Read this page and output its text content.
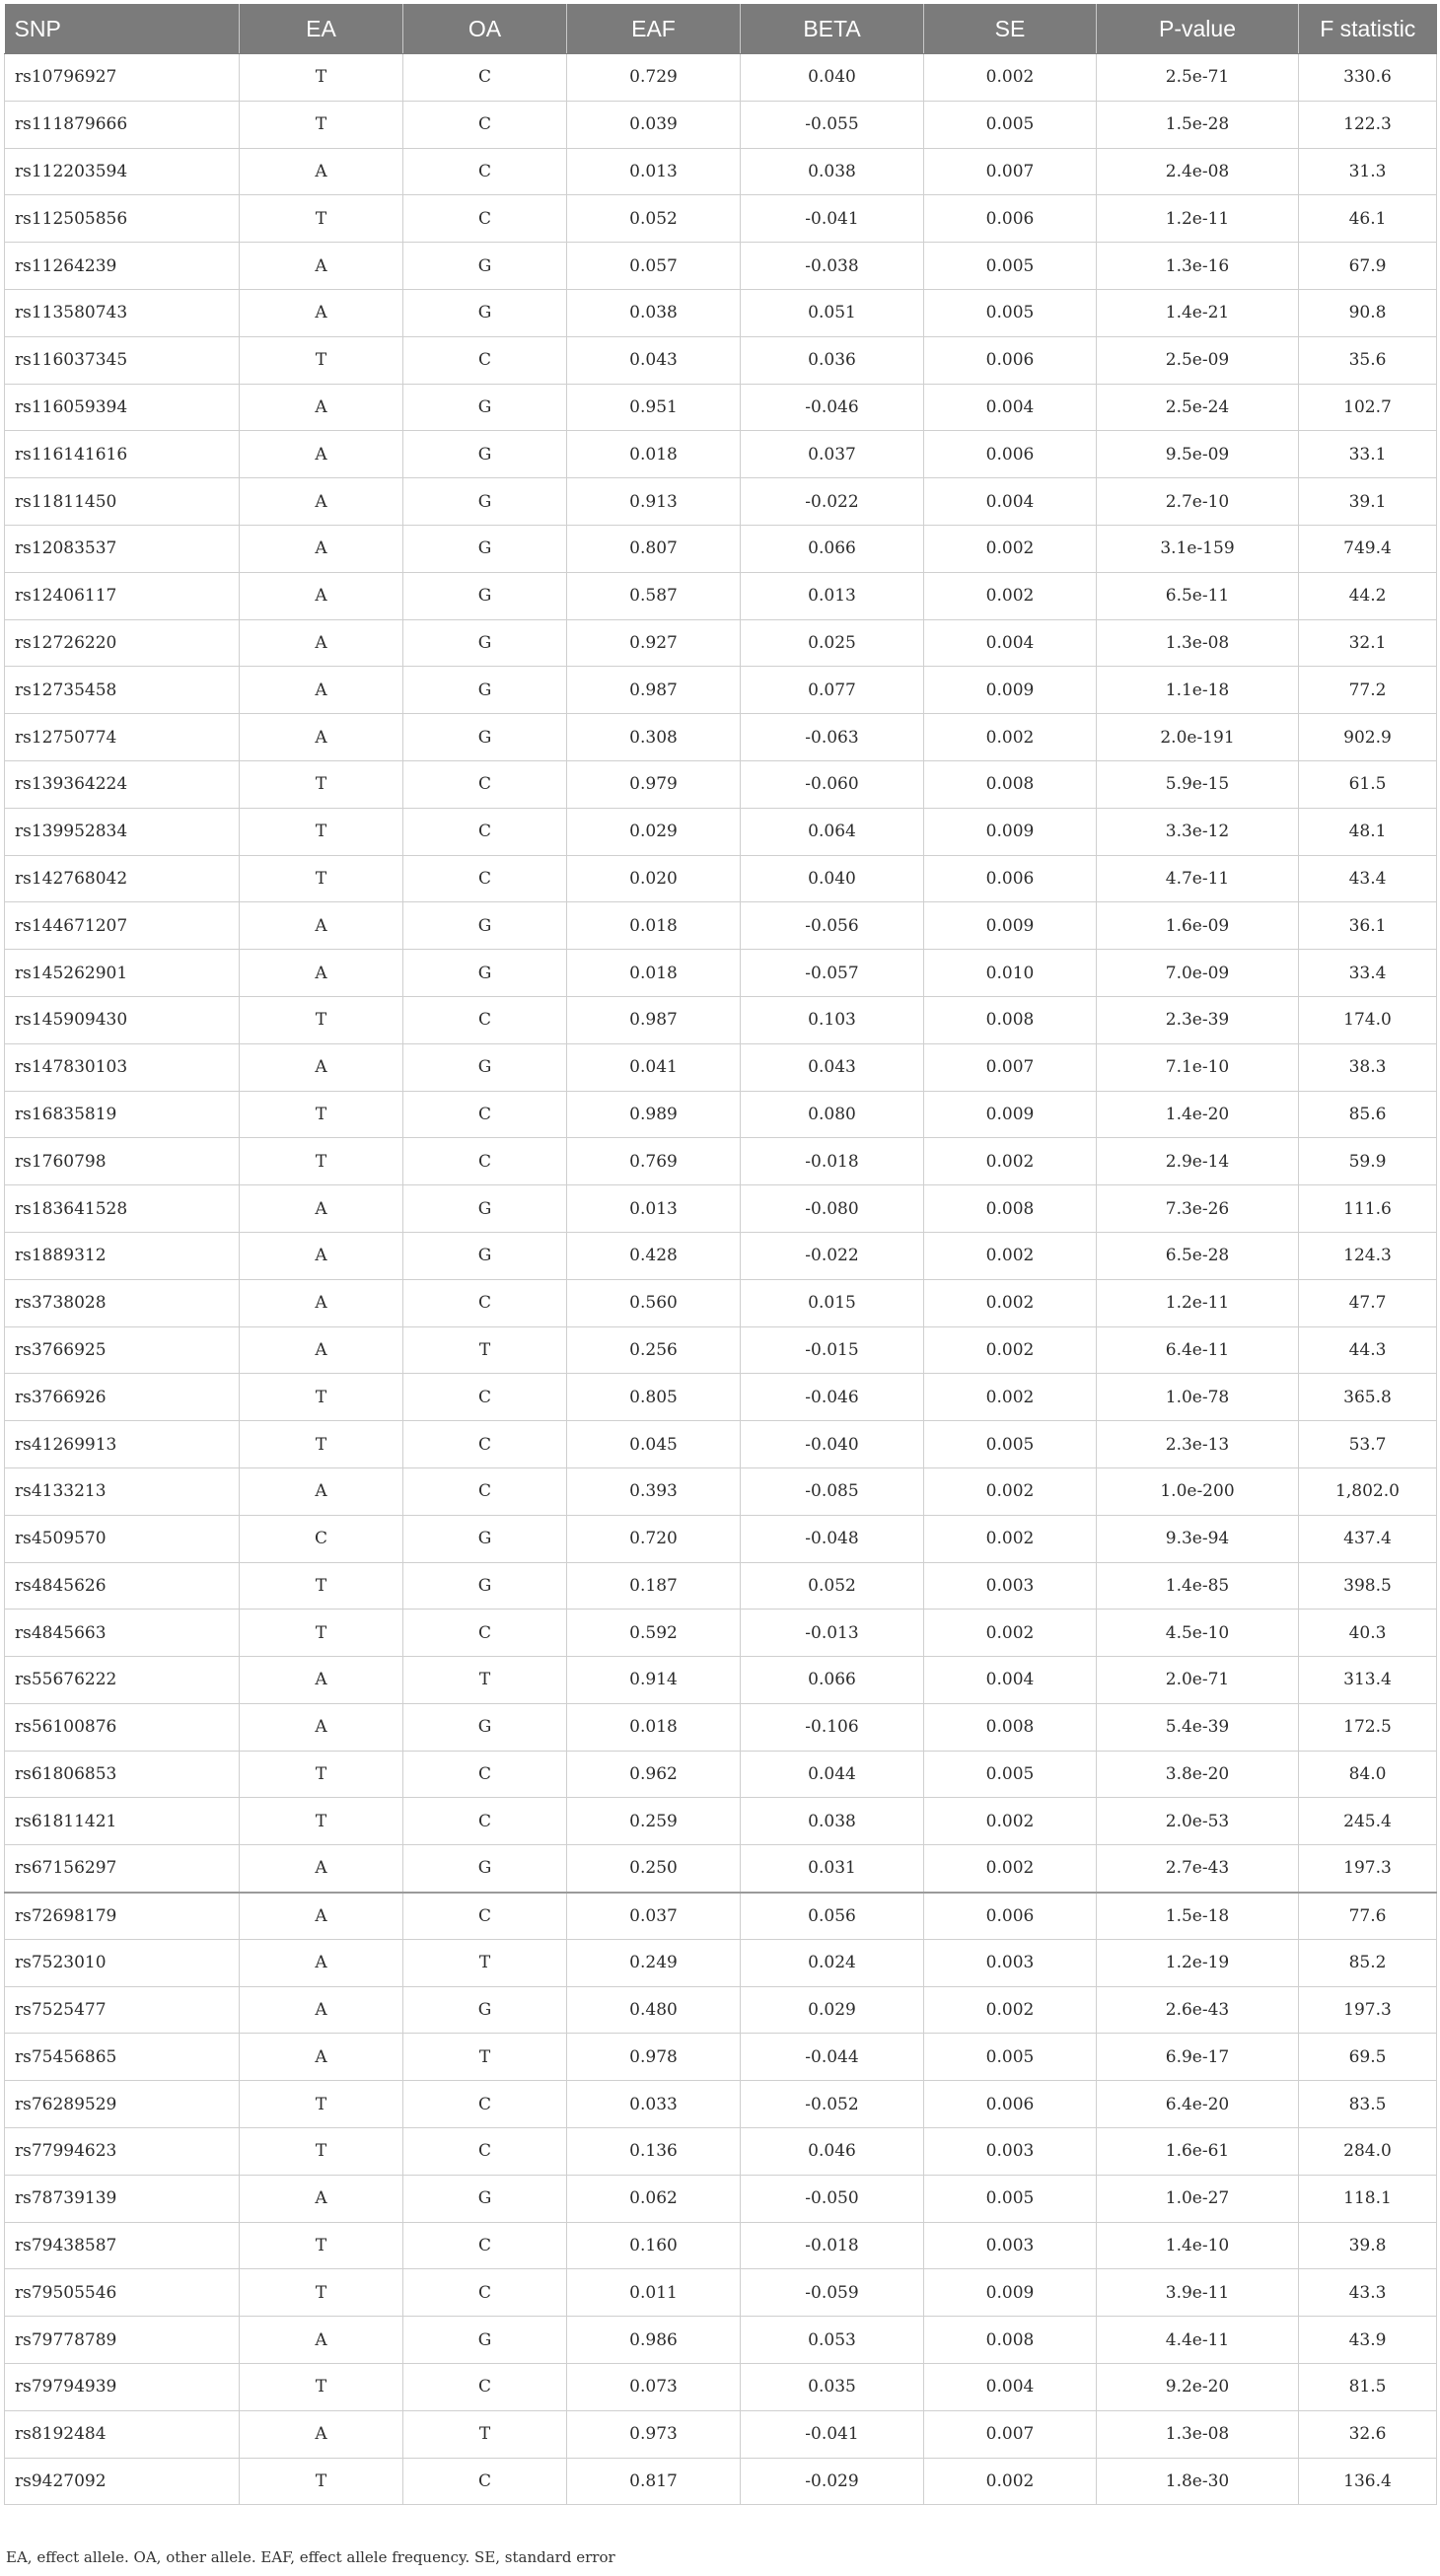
SNP	EA	OA	EAF	BETA	SE	P-value	F statistic
rs10796927	T	C	0.729	0.040	0.002	2.5e-71	330.6
rs111879666	T	C	0.039	-0.055	0.005	1.5e-28	122.3
rs112203594	A	C	0.013	0.038	0.007	2.4e-08	31.3
rs112505856	T	C	0.052	-0.041	0.006	1.2e-11	46.1
rs11264239	A	G	0.057	-0.038	0.005	1.3e-16	67.9
rs113580743	A	G	0.038	0.051	0.005	1.4e-21	90.8
rs116037345	T	C	0.043	0.036	0.006	2.5e-09	35.6
rs116059394	A	G	0.951	-0.046	0.004	2.5e-24	102.7
rs116141616	A	G	0.018	0.037	0.006	9.5e-09	33.1
rs11811450	A	G	0.913	-0.022	0.004	2.7e-10	39.1
rs12083537	A	G	0.807	0.066	0.002	3.1e-159	749.4
rs12406117	A	G	0.587	0.013	0.002	6.5e-11	44.2
rs12726220	A	G	0.927	0.025	0.004	1.3e-08	32.1
rs12735458	A	G	0.987	0.077	0.009	1.1e-18	77.2
rs12750774	A	G	0.308	-0.063	0.002	2.0e-191	902.9
rs139364224	T	C	0.979	-0.060	0.008	5.9e-15	61.5
rs139952834	T	C	0.029	0.064	0.009	3.3e-12	48.1
rs142768042	T	C	0.020	0.040	0.006	4.7e-11	43.4
rs144671207	A	G	0.018	-0.056	0.009	1.6e-09	36.1
rs145262901	A	G	0.018	-0.057	0.010	7.0e-09	33.4
rs145909430	T	C	0.987	0.103	0.008	2.3e-39	174.0
rs147830103	A	G	0.041	0.043	0.007	7.1e-10	38.3
rs16835819	T	C	0.989	0.080	0.009	1.4e-20	85.6
rs1760798	T	C	0.769	-0.018	0.002	2.9e-14	59.9
rs183641528	A	G	0.013	-0.080	0.008	7.3e-26	111.6
rs1889312	A	G	0.428	-0.022	0.002	6.5e-28	124.3
rs3738028	A	C	0.560	0.015	0.002	1.2e-11	47.7
rs3766925	A	T	0.256	-0.015	0.002	6.4e-11	44.3
rs3766926	T	C	0.805	-0.046	0.002	1.0e-78	365.8
rs41269913	T	C	0.045	-0.040	0.005	2.3e-13	53.7
rs4133213	A	C	0.393	-0.085	0.002	1.0e-200	1,802.0
rs4509570	C	G	0.720	-0.048	0.002	9.3e-94	437.4
rs4845626	T	G	0.187	0.052	0.003	1.4e-85	398.5
rs4845663	T	C	0.592	-0.013	0.002	4.5e-10	40.3
rs55676222	A	T	0.914	0.066	0.004	2.0e-71	313.4
rs56100876	A	G	0.018	-0.106	0.008	5.4e-39	172.5
rs61806853	T	C	0.962	0.044	0.005	3.8e-20	84.0
rs61811421	T	C	0.259	0.038	0.002	2.0e-53	245.4
rs67156297	A	G	0.250	0.031	0.002	2.7e-43	197.3
rs72698179	A	C	0.037	0.056	0.006	1.5e-18	77.6
rs7523010	A	T	0.249	0.024	0.003	1.2e-19	85.2
rs7525477	A	G	0.480	0.029	0.002	2.6e-43	197.3
rs75456865	A	T	0.978	-0.044	0.005	6.9e-17	69.5
rs76289529	T	C	0.033	-0.052	0.006	6.4e-20	83.5
rs77994623	T	C	0.136	0.046	0.003	1.6e-61	284.0
rs78739139	A	G	0.062	-0.050	0.005	1.0e-27	118.1
rs79438587	T	C	0.160	-0.018	0.003	1.4e-10	39.8
rs79505546	T	C	0.011	-0.059	0.009	3.9e-11	43.3
rs79778789	A	G	0.986	0.053	0.008	4.4e-11	43.9
rs79794939	T	C	0.073	0.035	0.004	9.2e-20	81.5
rs8192484	A	T	0.973	-0.041	0.007	1.3e-08	32.6
rs9427092	T	C	0.817	-0.029	0.002	1.8e-30	136.4
EA, effect allele. OA, other allele. EAF, effect allele frequency. SE, standard error
